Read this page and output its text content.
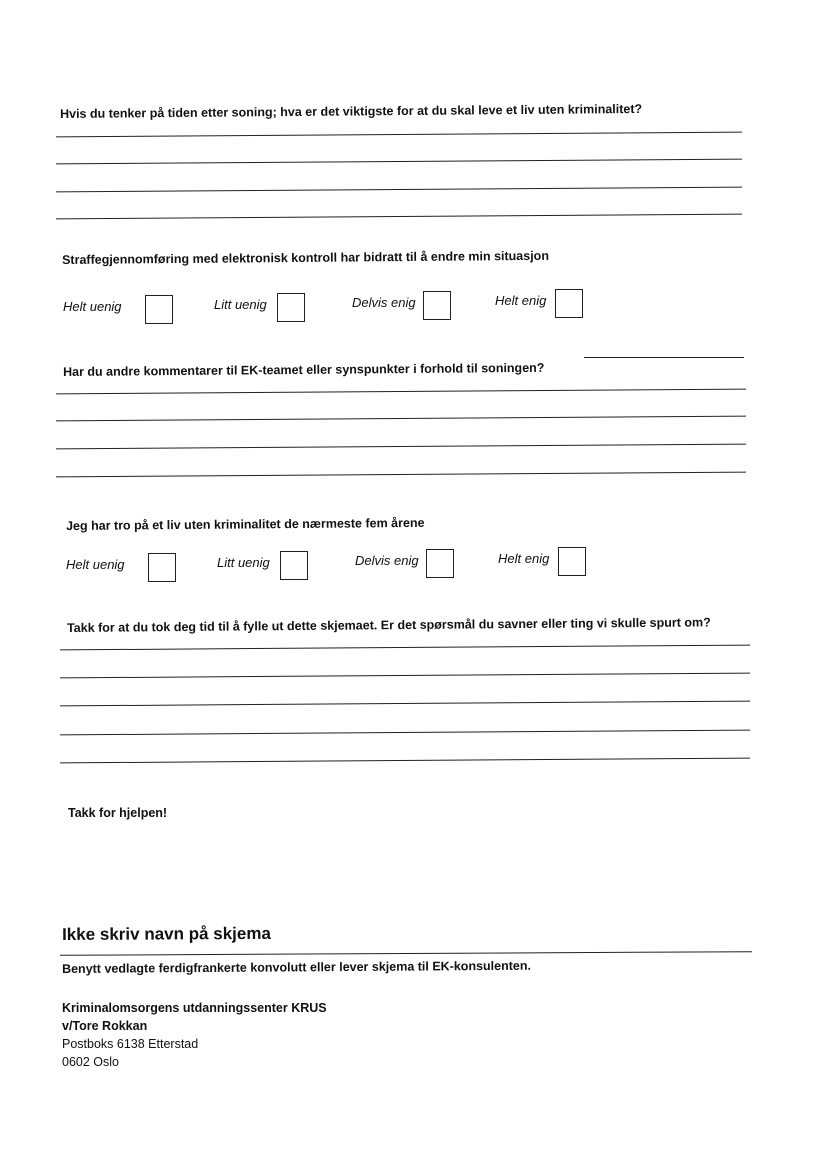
Hvis du tenker på tiden etter soning; hva er det viktigste for at du skal leve et liv uten kriminalitet?
Straffegjennomføring med elektronisk kontroll har bidratt til å endre min situasjon
Helt uenig	Litt uenig	Delvis enig	Helt enig
Har du andre kommentarer til EK-teamet eller synspunkter i forhold til soningen?
Jeg har tro på et liv uten kriminalitet de nærmeste fem årene
Helt uenig	Litt uenig	Delvis enig	Helt enig
Takk for at du tok deg tid til å fylle ut dette skjemaet. Er det spørsmål du savner eller ting vi skulle spurt om?
Takk for hjelpen!
Ikke skriv navn på skjema
Benytt vedlagte ferdigfrankerte konvolutt eller lever skjema til EK-konsulenten.
Kriminalomsorgens utdanningssenter KRUS
v/Tore Rokkan
Postboks 6138 Etterstad
0602 Oslo
